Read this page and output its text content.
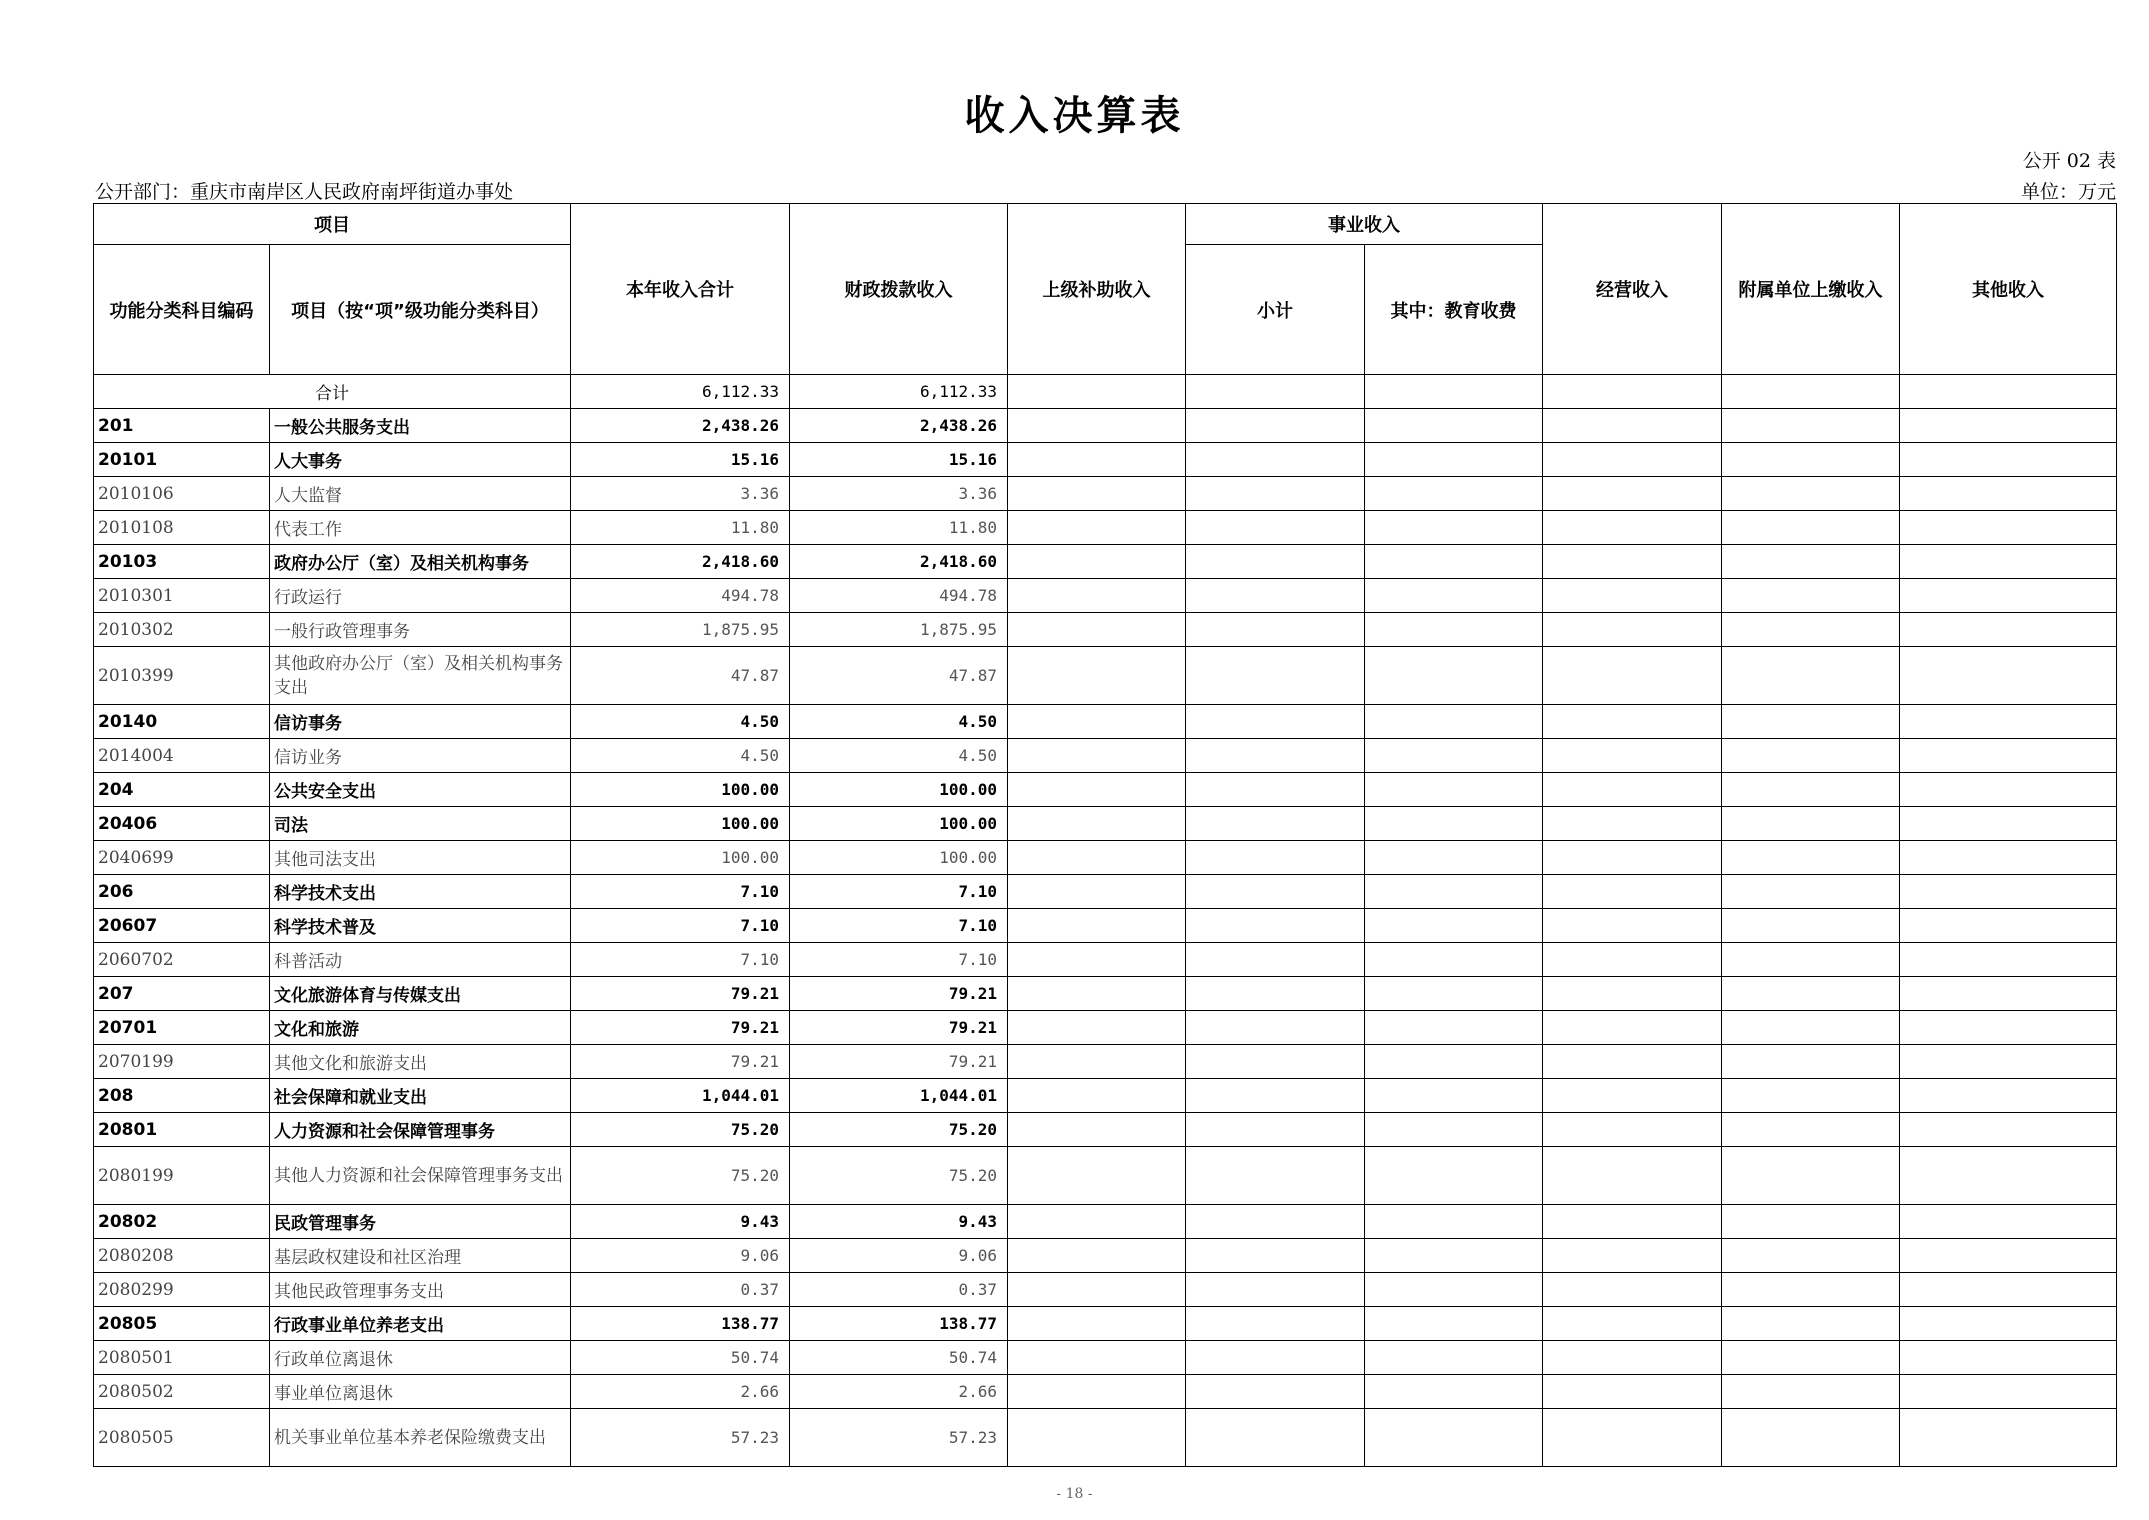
收入决算表
公开 02 表
公开部门：重庆市南岸区人民政府南坪街道办事处	单位：万元
项目		本年收入合计	财政拨款收入	上级补助收入	事业收入		经营收入	附属单位上缴收入	其他收入
功能分类科目编码	项目（按“项”级功能分类科目）				小计	其中：教育收费			
合计		6,112.33	6,112.33						
201	一般公共服务支出	2,438.26	2,438.26						
20101	人大事务	15.16	15.16						
2010106	人大监督	3.36	3.36						
2010108	代表工作	11.80	11.80						
20103	政府办公厅（室）及相关机构事务	2,418.60	2,418.60						
2010301	行政运行	494.78	494.78						
2010302	一般行政管理事务	1,875.95	1,875.95						
2010399	其他政府办公厅（室）及相关机构事务支出	47.87	47.87						
20140	信访事务	4.50	4.50						
2014004	信访业务	4.50	4.50						
204	公共安全支出	100.00	100.00						
20406	司法	100.00	100.00						
2040699	其他司法支出	100.00	100.00						
206	科学技术支出	7.10	7.10						
20607	科学技术普及	7.10	7.10						
2060702	科普活动	7.10	7.10						
207	文化旅游体育与传媒支出	79.21	79.21						
20701	文化和旅游	79.21	79.21						
2070199	其他文化和旅游支出	79.21	79.21						
208	社会保障和就业支出	1,044.01	1,044.01						
20801	人力资源和社会保障管理事务	75.20	75.20						
2080199	其他人力资源和社会保障管理事务支出	75.20	75.20						
20802	民政管理事务	9.43	9.43						
2080208	基层政权建设和社区治理	9.06	9.06						
2080299	其他民政管理事务支出	0.37	0.37						
20805	行政事业单位养老支出	138.77	138.77						
2080501	行政单位离退休	50.74	50.74						
2080502	事业单位离退休	2.66	2.66						
2080505	机关事业单位基本养老保险缴费支出	57.23	57.23						
- 18 -
